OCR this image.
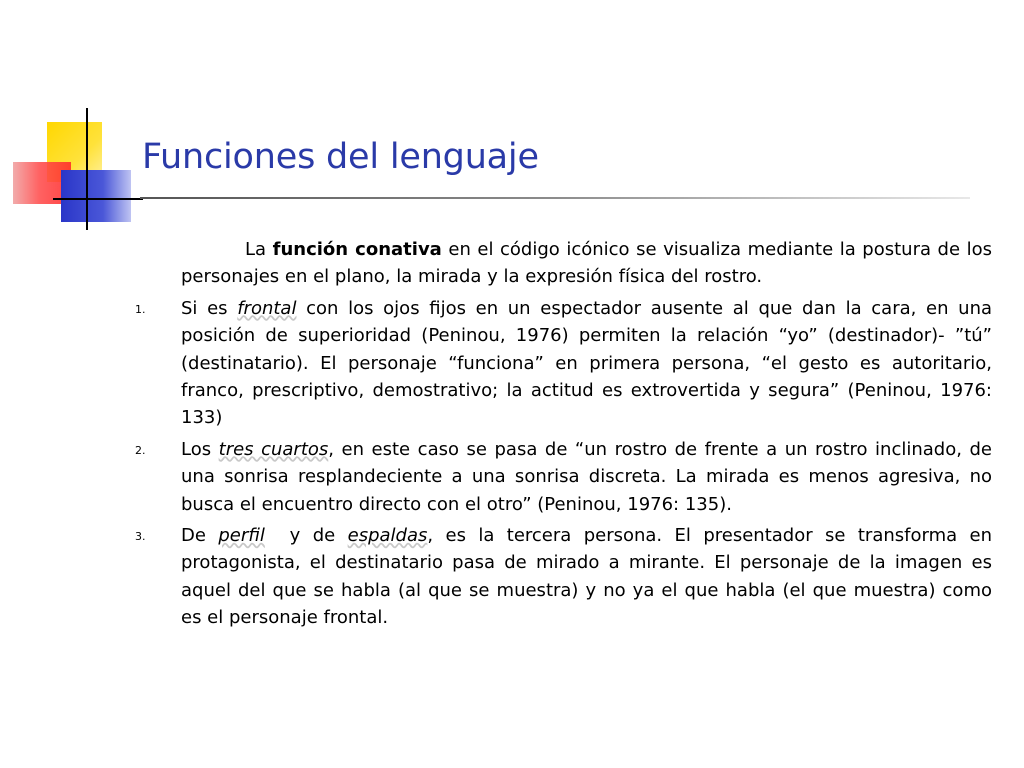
Funciones del lenguaje

La función conativa en el código icónico se visualiza mediante la postura de los personajes en el plano, la mirada y la expresión física del rostro.

1. Si es frontal con los ojos fijos en un espectador ausente al que dan la cara, en una posición de superioridad (Peninou, 1976) permiten la relación “yo” (destinador)- ”tú” (destinatario). El personaje “funciona” en primera persona, “el gesto es autoritario, franco, prescriptivo, demostrativo; la actitud es extrovertida y segura” (Peninou, 1976: 133)
2. Los tres cuartos, en este caso se pasa de “un rostro de frente a un rostro inclinado, de una sonrisa resplandeciente a una sonrisa discreta. La mirada es menos agresiva, no busca el encuentro directo con el otro” (Peninou, 1976: 135).
3. De perfil  y de espaldas, es la tercera persona. El presentador se transforma en protagonista, el destinatario pasa de mirado a mirante. El personaje de la imagen es aquel del que se habla (al que se muestra) y no ya el que habla (el que muestra) como es el personaje frontal.
